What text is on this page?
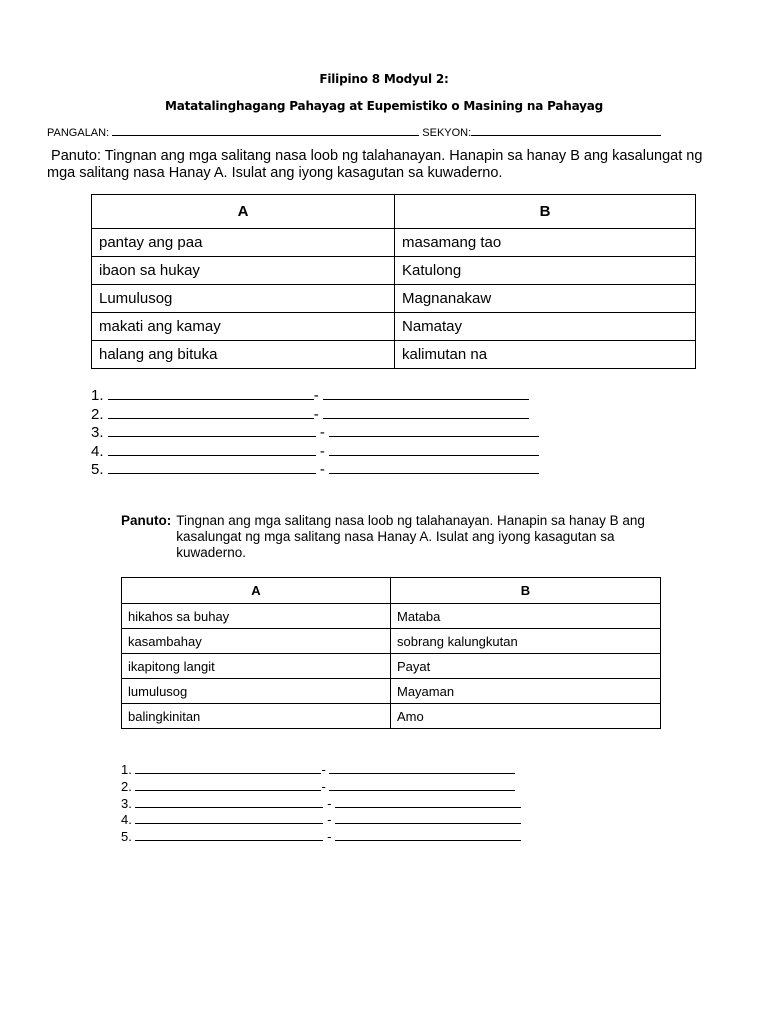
Filipino 8 Modyul 2:
Matatalinghagang Pahayag at Eupemistiko o Masining na Pahayag
PANGALAN:	SEKYON:
Panuto: Tingnan ang mga salitang nasa loob ng talahanayan. Hanapin sa hanay B ang kasalungat ng mga salitang nasa Hanay A. Isulat ang iyong kasagutan sa kuwaderno.
A	B
pantay ang paa	masamang tao
ibaon sa hukay	Katulong
Lumulusog	Magnanakaw
makati ang kamay	Namatay
halang ang bituka	kalimutan na
1.	-
2.	-
3.	-
4.	-
5.	-
Panuto: Tingnan ang mga salitang nasa loob ng talahanayan. Hanapin sa hanay B ang kasalungat ng mga salitang nasa Hanay A. Isulat ang iyong kasagutan sa kuwaderno.
A	B
hikahos sa buhay	Mataba
kasambahay	sobrang kalungkutan
ikapitong langit	Payat
lumulusog	Mayaman
balingkinitan	Amo
1.	-
2.	-
3.	-
4.	-
5.	-
